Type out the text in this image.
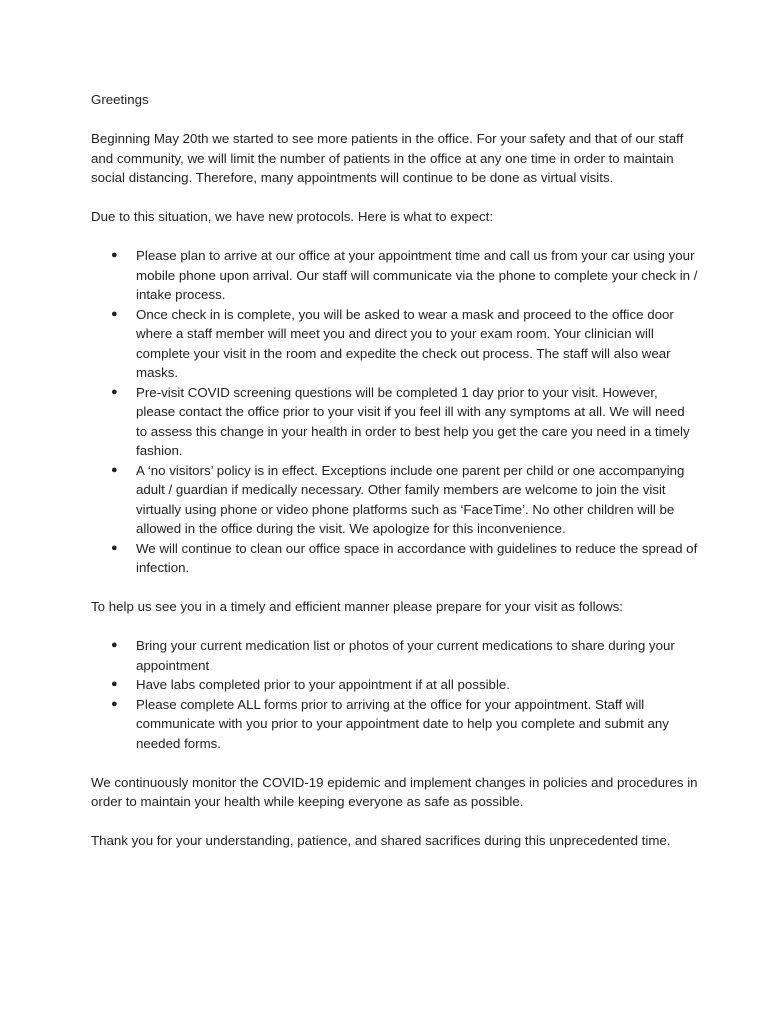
Greetings

Beginning May 20th we started to see more patients in the office. For your safety and that of our staff and community, we will limit the number of patients in the office at any one time in order to maintain social distancing. Therefore, many appointments will continue to be done as virtual visits.

Due to this situation, we have new protocols. Here is what to expect:

● Please plan to arrive at our office at your appointment time and call us from your car using your mobile phone upon arrival. Our staff will communicate via the phone to complete your check in / intake process.
● Once check in is complete, you will be asked to wear a mask and proceed to the office door where a staff member will meet you and direct you to your exam room. Your clinician will complete your visit in the room and expedite the check out process. The staff will also wear masks.
● Pre-visit COVID screening questions will be completed 1 day prior to your visit. However, please contact the office prior to your visit if you feel ill with any symptoms at all. We will need to assess this change in your health in order to best help you get the care you need in a timely fashion.
● A ‘no visitors’ policy is in effect. Exceptions include one parent per child or one accompanying adult / guardian if medically necessary. Other family members are welcome to join the visit virtually using phone or video phone platforms such as ‘FaceTime’. No other children will be allowed in the office during the visit. We apologize for this inconvenience.
● We will continue to clean our office space in accordance with guidelines to reduce the spread of infection.

To help us see you in a timely and efficient manner please prepare for your visit as follows:

● Bring your current medication list or photos of your current medications to share during your appointment
● Have labs completed prior to your appointment if at all possible.
● Please complete ALL forms prior to arriving at the office for your appointment. Staff will communicate with you prior to your appointment date to help you complete and submit any needed forms.

We continuously monitor the COVID-19 epidemic and implement changes in policies and procedures in order to maintain your health while keeping everyone as safe as possible.

Thank you for your understanding, patience, and shared sacrifices during this unprecedented time.
